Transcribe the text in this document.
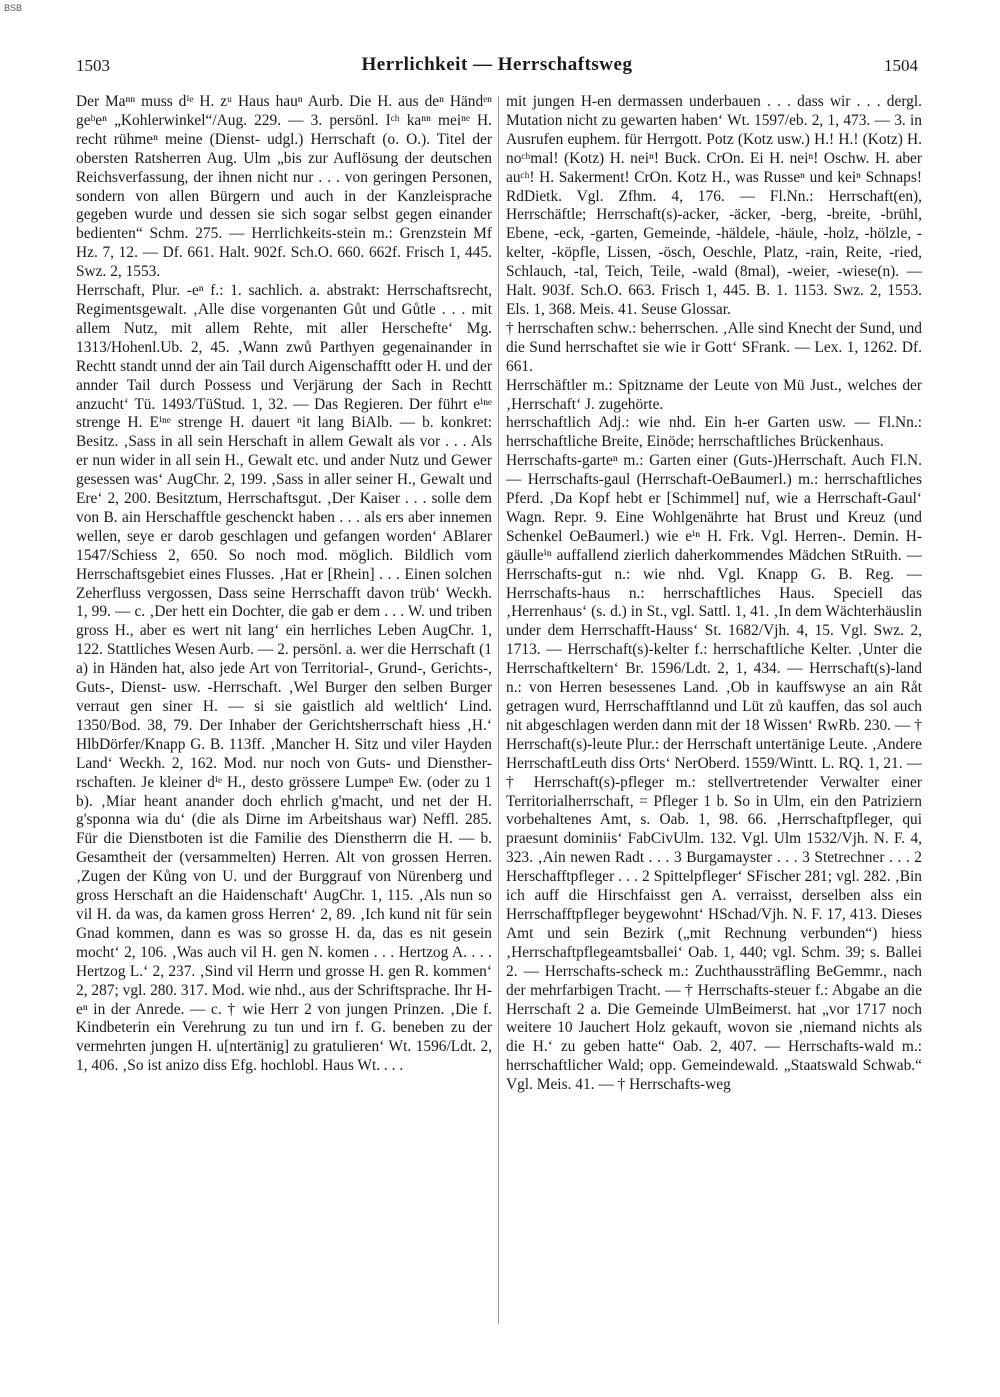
BSB
1503	Herrlichkeit — Herrschaftsweg	1504

Der Maⁿⁿ muss dⁱᵉ H. zᵘ Haus hauⁿ Aurb. Die H. aus deⁿ Händᵉⁿ geᵇeⁿ „Kohlerwinkel“/Aug. 229. — 3. persönl. Iᶜʰ kaⁿⁿ meiⁿᵉ H. recht rühmeⁿ meine (Dienst- udgl.) Herrschaft (o. O.). Titel der obersten Ratsherren Aug. Ulm „bis zur Auflösung der deutschen Reichsverfassung, der ihnen nicht nur . . . von geringen Personen, sondern von allen Bürgern und auch in der Kanzleisprache gegeben wurde und dessen sie sich sogar selbst gegen einander bedienten“ Schm. 275. — Herrlichkeits-stein m.: Grenzstein Mf Hz. 7, 12. — Df. 661. Halt. 902f. Sch.O. 660. 662f. Frisch 1, 445. Swz. 2, 1553.

Herrschaft, Plur. -eⁿ f.: 1. sachlich. a. abstrakt: Herrschaftsrecht, Regimentsgewalt. ‚Alle dise vorgenanten Gůt und Gůtle . . . mit allem Nutz, mit allem Rehte, mit aller Herschefte‘ Mg. 1313/Hohenl.Ub. 2, 45. ‚Wann zwů Parthyen gegenainander in Rechtt standt unnd der ain Tail durch Aigenschafftt oder H. und der annder Tail durch Possess und Verjärung der Sach in Rechtt anzucht‘ Tü. 1493/TüStud. 1, 32. — Das Regieren. Der führt eⁱⁿᵉ strenge H. Eⁱⁿᵉ strenge H. dauert ⁿit lang BiAlb. — b. konkret: Besitz. ‚Sass in all sein Herschaft in allem Gewalt als vor . . . Als er nun wider in all sein H., Gewalt etc. und ander Nutz und Gewer gesessen was‘ AugChr. 2, 199. ‚Sass in aller seiner H., Gewalt und Ere‘ 2, 200. Besitztum, Herrschaftsgut. ‚Der Kaiser . . . solle dem von B. ain Herschafftle geschenckt haben . . . als ers aber innemen wellen, seye er darob geschlagen und gefangen worden‘ ABlarer 1547/Schiess 2, 650. So noch mod. möglich. Bildlich vom Herrschaftsgebiet eines Flusses. ‚Hat er [Rhein] . . . Einen solchen Zeherfluss vergossen, Dass seine Herrschafft davon trüb‘ Weckh. 1, 99. — c. ‚Der hett ein Dochter, die gab er dem . . . W. und triben gross H., aber es wert nit lang‘ ein herrliches Leben AugChr. 1, 122. Stattliches Wesen Aurb. — 2. persönl. a. wer die Herrschaft (1 a) in Händen hat, also jede Art von Territorial-, Grund-, Gerichts-, Guts-, Dienst- usw. -Herrschaft. ‚Wel Burger den selben Burger verraut gen siner H. — si sie gaistlich ald weltlich‘ Lind. 1350/Bod. 38, 79. Der Inhaber der Gerichtsherrschaft hiess ‚H.‘ HlbDörfer/Knapp G. B. 113ff. ‚Mancher H. Sitz und viler Hayden Land‘ Weckh. 2, 162. Mod. nur noch von Guts- und Dienstherrschaften. Je kleiner dⁱᵉ H., desto grössere Lumpeⁿ Ew. (oder zu 1 b). ‚Miar heant anander doch ehrlich g'macht, und net der H. g'sponna wia du‘ (die als Dirne im Arbeitshaus war) Neffl. 285. Für die Dienstboten ist die Familie des Dienstherrn die H. — b. Gesamtheit der (versammelten) Herren. Alt von grossen Herren. ‚Zugen der Kůng von U. und der Burggrauf von Nürenberg und gross Herschaft an die Haidenschaft‘ AugChr. 1, 115. ‚Als nun so vil H. da was, da kamen gross Herren‘ 2, 89. ‚Ich kund nit für sein Gnad kommen, dann es was so grosse H. da, das es nit gesein mocht‘ 2, 106. ‚Was auch vil H. gen N. komen . . . Hertzog A. . . . Hertzog L.‘ 2, 237. ‚Sind vil Herrn und grosse H. gen R. kommen‘ 2, 287; vgl. 280. 317. Mod. wie nhd., aus der Schriftsprache. Ihr H-eⁿ in der Anrede. — c. † wie Herr 2 von jungen Prinzen. ‚Die f. Kindbeterin ein Verehrung zu tun und irn f. G. beneben zu der vermehrten jungen H. u[ntertänig] zu gratulieren‘ Wt. 1596/Ldt. 2, 1, 406. ‚So ist anizo diss Efg. hochlobl. Haus Wt. . . .

mit jungen H-en dermassen underbauen . . . dass wir . . . dergl. Mutation nicht zu gewarten haben‘ Wt. 1597/eb. 2, 1, 473. — 3. in Ausrufen euphem. für Herrgott. Potz (Kotz usw.) H.! H.! (Kotz) H. noᶜʰmal! (Kotz) H. neiⁿ! Buck. CrOn. Ei H. neiⁿ! Oschw. H. aber auᶜʰ! H. Sakerment! CrOn. Kotz H., was Russeⁿ und keiⁿ Schnaps! RdDietk. Vgl. Zfhm. 4, 176. — Fl.Nn.: Herrschaft(en), Herrschäftle; Herrschaft(s)-acker, -äcker, -berg, -breite, -brühl, Ebene, -eck, -garten, Gemeinde, -häldele, -häule, -holz, -hölzle, -kelter, -köpfle, Lissen, -ösch, Oeschle, Platz, -rain, Reite, -ried, Schlauch, -tal, Teich, Teile, -wald (8mal), -weier, -wiese(n). — Halt. 903f. Sch.O. 663. Frisch 1, 445. B. 1. 1153. Swz. 2, 1553. Els. 1, 368. Meis. 41. Seuse Glossar.

† herrschaften schw.: beherrschen. ‚Alle sind Knecht der Sund, und die Sund herrschaftet sie wie ir Gott‘ SFrank. — Lex. 1, 1262. Df. 661.

Herrschäftler m.: Spitzname der Leute von Mü Just., welches der ‚Herrschaft‘ J. zugehörte.

herrschaftlich Adj.: wie nhd. Ein h-er Garten usw. — Fl.Nn.: herrschaftliche Breite, Einöde; herrschaftliches Brückenhaus.

Herrschafts-garteⁿ m.: Garten einer (Guts-)Herrschaft. Auch Fl.N. — Herrschafts-gaul (Herrschaft-OeBaumerl.) m.: herrschaftliches Pferd. ‚Da Kopf hebt er [Schimmel] nuf, wie a Herrschaft-Gaul‘ Wagn. Repr. 9. Eine Wohlgenährte hat Brust und Kreuz (und Schenkel OeBaumerl.) wie eⁱⁿ H. Frk. Vgl. Herren-. Demin. H-gäulleⁱⁿ auffallend zierlich daherkommendes Mädchen StRuith. — Herrschafts-gut n.: wie nhd. Vgl. Knapp G. B. Reg. — Herrschafts-haus n.: herrschaftliches Haus. Speciell das ‚Herrenhaus‘ (s. d.) in St., vgl. Sattl. 1, 41. ‚In dem Wächterhäuslin under dem Herrschafft-Hauss‘ St. 1682/Vjh. 4, 15. Vgl. Swz. 2, 1713. — Herrschaft(s)-kelter f.: herrschaftliche Kelter. ‚Unter die Herrschaftkeltern‘ Br. 1596/Ldt. 2, 1, 434. — Herrschaft(s)-land n.: von Herren besessenes Land. ‚Ob in kauffswyse an ain Råt getragen wurd, Herrschafftlannd und Lüt zů kauffen, das sol auch nit abgeschlagen werden dann mit der 18 Wissen‘ RwRb. 230. — † Herrschaft(s)-leute Plur.: der Herrschaft untertänige Leute. ‚Andere HerrschaftLeuth diss Orts‘ NerOberd. 1559/Wintt. L. RQ. 1, 21. — † Herrschaft(s)-pfleger m.: stellvertretender Verwalter einer Territorialherrschaft, = Pfleger 1 b. So in Ulm, ein den Patriziern vorbehaltenes Amt, s. Oab. 1, 98. 66. ‚Herrschaftpfleger, qui praesunt dominiis‘ FabCivUlm. 132. Vgl. Ulm 1532/Vjh. N. F. 4, 323. ‚Ain newen Radt . . . 3 Burgamayster . . . 3 Stetrechner . . . 2 Herschafftpfleger . . . 2 Spittelpfleger‘ SFischer 281; vgl. 282. ‚Bin ich auff die Hirschfaisst gen A. verraisst, derselben alss ein Herrschafftpfleger beygewohnt‘ HSchad/Vjh. N. F. 17, 413. Dieses Amt und sein Bezirk („mit Rechnung verbunden“) hiess ‚Herrschaftpflegeamtsballei‘ Oab. 1, 440; vgl. Schm. 39; s. Ballei 2. — Herrschafts-scheck m.: Zuchthaussträfling BeGemmr., nach der mehrfarbigen Tracht. — † Herrschafts-steuer f.: Abgabe an die Herrschaft 2 a. Die Gemeinde UlmBeimerst. hat „vor 1717 noch weitere 10 Jauchert Holz gekauft, wovon sie ‚niemand nichts als die H.‘ zu geben hatte“ Oab. 2, 407. — Herrschafts-wald m.: herrschaftlicher Wald; opp. Gemeindewald. „Staatswald Schwab.“ Vgl. Meis. 41. — † Herrschafts-weg
